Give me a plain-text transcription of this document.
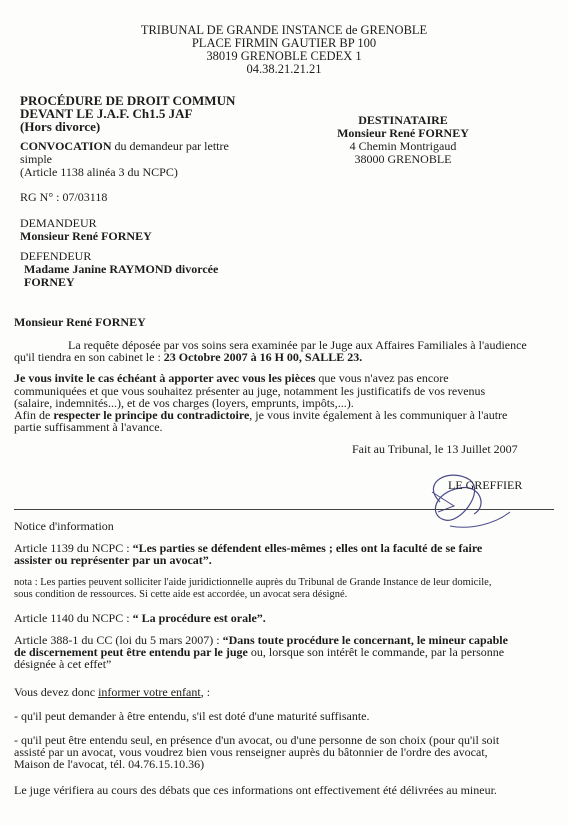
TRIBUNAL DE GRANDE INSTANCE de GRENOBLE
PLACE FIRMIN GAUTIER BP 100
38019 GRENOBLE CEDEX 1
04.38.21.21.21
PROCÉDURE DE DROIT COMMUN
DEVANT LE J.A.F. Ch1.5 JAF
(Hors divorce)
CONVOCATION du demandeur par lettre
simple
(Article 1138 alinéa 3 du NCPC)
RG N° : 07/03118
DEMANDEUR
Monsieur René FORNEY
DEFENDEUR
Madame Janine RAYMOND divorcée
FORNEY
DESTINATAIRE
Monsieur René FORNEY
4 Chemin Montrigaud
38000 GRENOBLE
Monsieur René FORNEY
La requête déposée par vos soins sera examinée par le Juge aux Affaires Familiales à l'audience
qu'il tiendra en son cabinet le : 23 Octobre 2007 à 16 H 00, SALLE 23.
Je vous invite le cas échéant à apporter avec vous les pièces que vous n'avez pas encore
communiquées et que vous souhaitez présenter au juge, notamment les justificatifs de vos revenus
(salaire, indemnités...), et de vos charges (loyers, emprunts, impôts,...).
Afin de respecter le principe du contradictoire, je vous invite également à les communiquer à l'autre
partie suffisamment à l'avance.
Fait au Tribunal, le 13 Juillet 2007
LE GREFFIER
Notice d'information
Article 1139 du NCPC : “Les parties se défendent elles-mêmes ; elles ont la faculté de se faire
assister ou représenter par un avocat”.
nota : Les parties peuvent solliciter l'aide juridictionnelle auprès du Tribunal de Grande Instance de leur domicile,
sous condition de ressources. Si cette aide est accordée, un avocat sera désigné.
Article 1140 du NCPC : “ La procédure est orale”.
Article 388-1 du CC (loi du 5 mars 2007) : “Dans toute procédure le concernant, le mineur capable
de discernement peut être entendu par le juge ou, lorsque son intérêt le commande, par la personne
désignée à cet effet”
Vous devez donc informer votre enfant, :
- qu'il peut demander à être entendu, s'il est doté d'une maturité suffisante.
- qu'il peut être entendu seul, en présence d'un avocat, ou d'une personne de son choix (pour qu'il soit
assisté par un avocat, vous voudrez bien vous renseigner auprès du bâtonnier de l'ordre des avocat,
Maison de l'avocat, tél. 04.76.15.10.36)
Le juge vérifiera au cours des débats que ces informations ont effectivement été délivrées au mineur.
